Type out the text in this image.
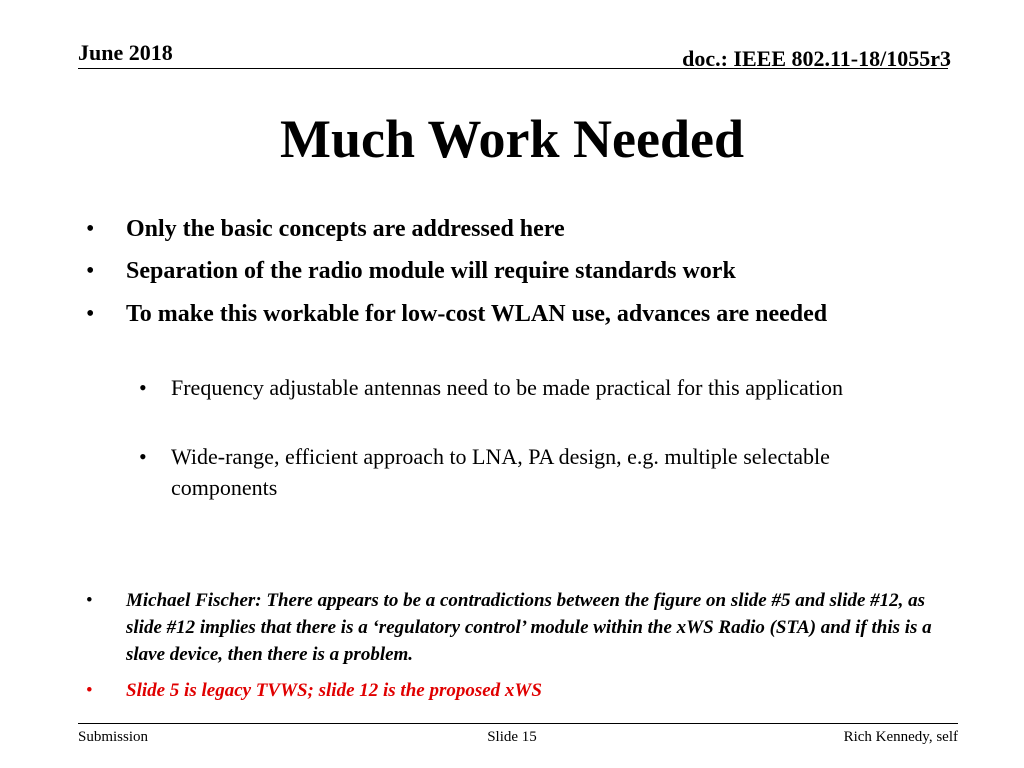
June 2018	doc.: IEEE 802.11-18/1055r3
Much Work Needed
• Only the basic concepts are addressed here
• Separation of the radio module will require standards work
• To make this workable for low-cost WLAN use, advances are needed
• Frequency adjustable antennas need to be made practical for this application
• Wide-range, efficient approach to LNA, PA design, e.g. multiple selectable components
• Michael Fischer: There appears to be a contradictions between the figure on slide #5 and slide #12, as slide #12 implies that there is a ‘regulatory control’ module within the xWS Radio (STA) and if this is a slave device, then there is a problem.
• Slide 5 is legacy TVWS; slide 12 is the proposed xWS
Submission	Slide 15	Rich Kennedy, self
